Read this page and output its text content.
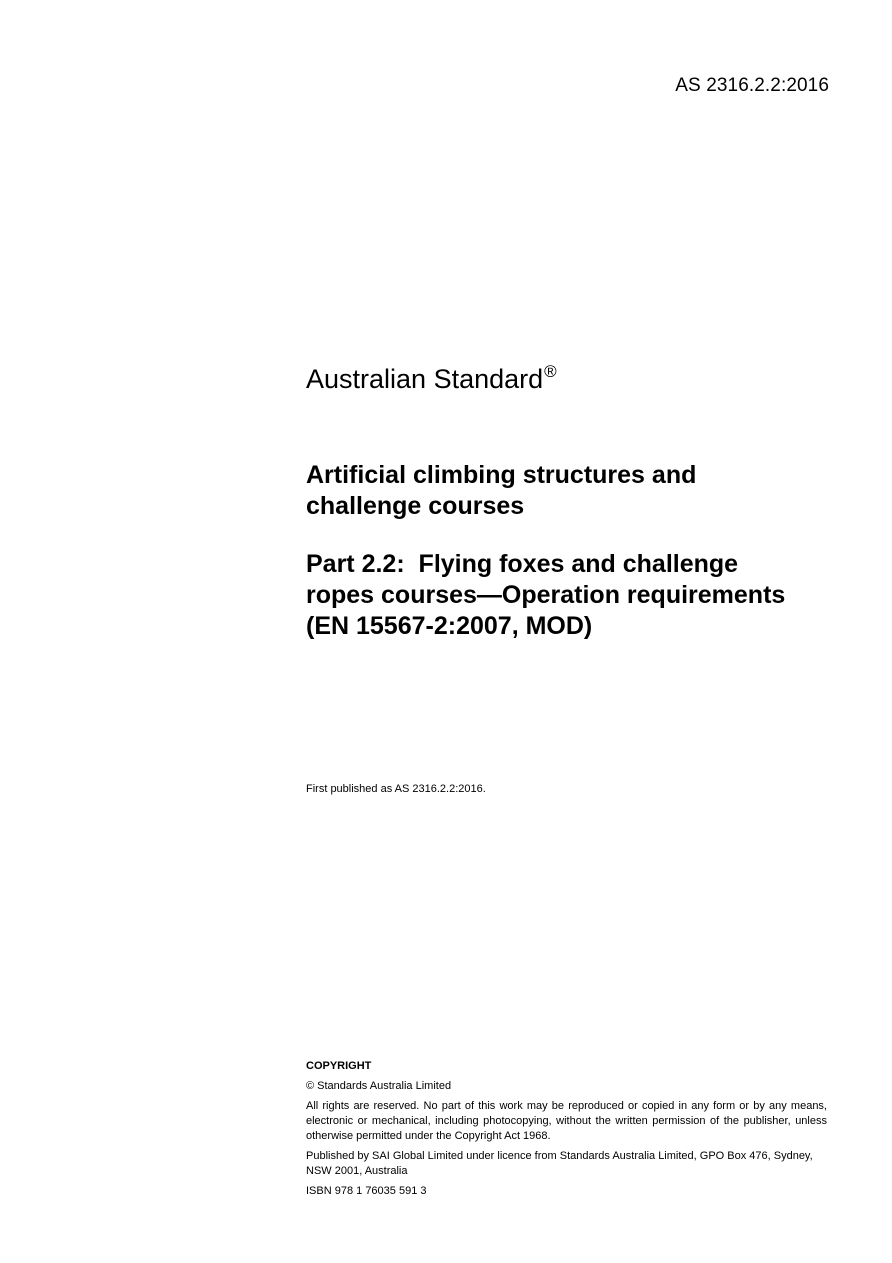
AS 2316.2.2:2016
Australian Standard®
Artificial climbing structures and
challenge courses
Part 2.2:  Flying foxes and challenge
ropes courses—Operation requirements
(EN 15567-2:2007, MOD)
First published as AS 2316.2.2:2016.

COPYRIGHT

© Standards Australia Limited

All rights are reserved. No part of this work may be reproduced or copied in any form or by any means, electronic or mechanical, including photocopying, without the written permission of the publisher, unless otherwise permitted under the Copyright Act 1968.

Published by SAI Global Limited under licence from Standards Australia Limited, GPO Box 476, Sydney, NSW 2001, Australia

ISBN 978 1 76035 591 3
